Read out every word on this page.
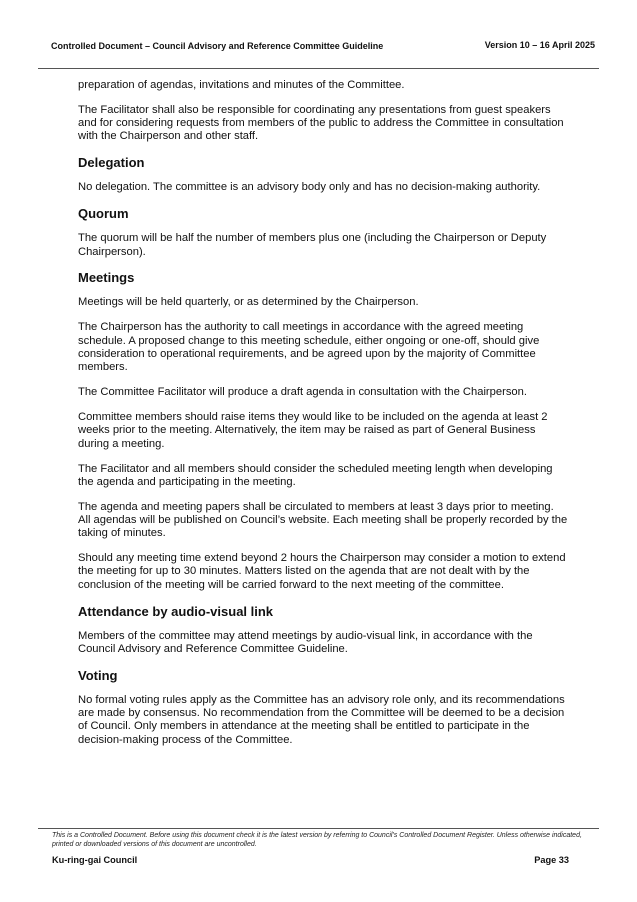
Controlled Document – Council Advisory and Reference Committee Guideline	Version 10 – 16 April 2025

preparation of agendas, invitations and minutes of the Committee.

The Facilitator shall also be responsible for coordinating any presentations from guest speakers and for considering requests from members of the public to address the Committee in consultation with the Chairperson and other staff.

Delegation

No delegation. The committee is an advisory body only and has no decision-making authority.

Quorum

The quorum will be half the number of members plus one (including the Chairperson or Deputy Chairperson).

Meetings

Meetings will be held quarterly, or as determined by the Chairperson.

The Chairperson has the authority to call meetings in accordance with the agreed meeting schedule. A proposed change to this meeting schedule, either ongoing or one-off, should give consideration to operational requirements, and be agreed upon by the majority of Committee members.

The Committee Facilitator will produce a draft agenda in consultation with the Chairperson.

Committee members should raise items they would like to be included on the agenda at least 2 weeks prior to the meeting. Alternatively, the item may be raised as part of General Business during a meeting.

The Facilitator and all members should consider the scheduled meeting length when developing the agenda and participating in the meeting.

The agenda and meeting papers shall be circulated to members at least 3 days prior to meeting. All agendas will be published on Council’s website. Each meeting shall be properly recorded by the taking of minutes.

Should any meeting time extend beyond 2 hours the Chairperson may consider a motion to extend the meeting for up to 30 minutes. Matters listed on the agenda that are not dealt with by the conclusion of the meeting will be carried forward to the next meeting of the committee.

Attendance by audio-visual link

Members of the committee may attend meetings by audio-visual link, in accordance with the Council Advisory and Reference Committee Guideline.

Voting

No formal voting rules apply as the Committee has an advisory role only, and its recommendations are made by consensus. No recommendation from the Committee will be deemed to be a decision of Council. Only members in attendance at the meeting shall be entitled to participate in the decision-making process of the Committee.

This is a Controlled Document. Before using this document check it is the latest version by referring to Council’s Controlled Document Register. Unless otherwise indicated, printed or downloaded versions of this document are uncontrolled.

Ku-ring-gai Council	Page 33
